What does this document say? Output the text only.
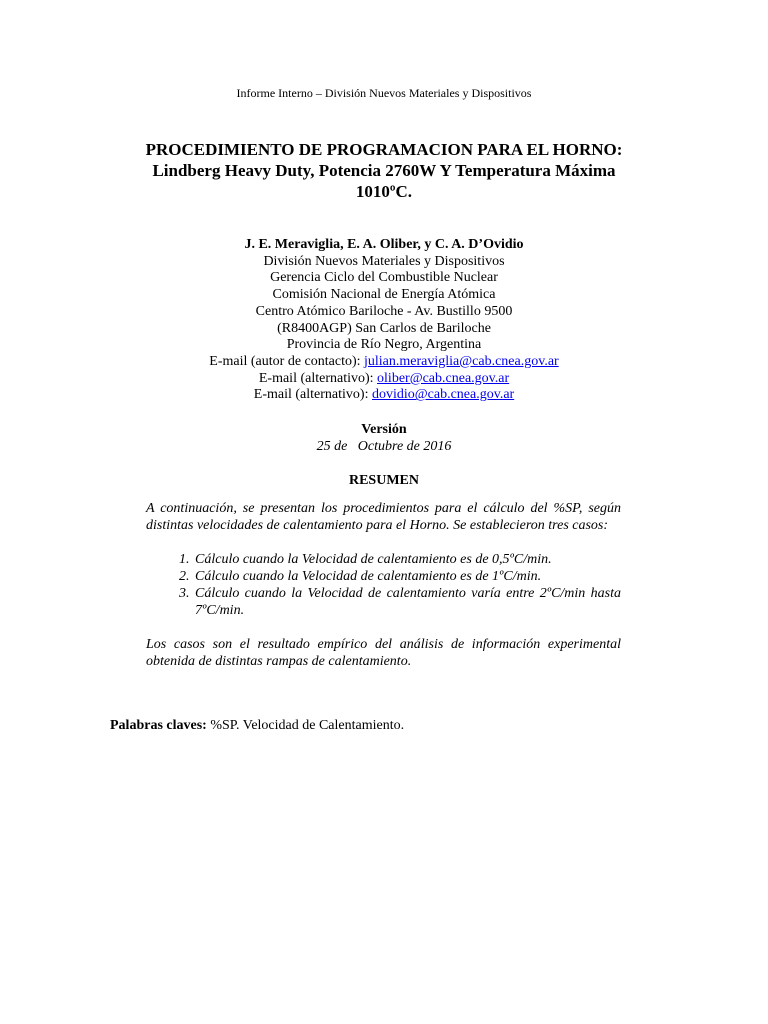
Informe Interno – División Nuevos Materiales y Dispositivos
PROCEDIMIENTO DE PROGRAMACION PARA EL HORNO:
Lindberg Heavy Duty, Potencia 2760W Y Temperatura Máxima
1010ºC.
J. E. Meraviglia, E. A. Oliber, y C. A. D’Ovidio
División Nuevos Materiales y Dispositivos
Gerencia Ciclo del Combustible Nuclear
Comisión Nacional de Energía Atómica
Centro Atómico Bariloche - Av. Bustillo 9500
(R8400AGP) San Carlos de Bariloche
Provincia de Río Negro, Argentina
E-mail (autor de contacto): julian.meraviglia@cab.cnea.gov.ar
E-mail (alternativo): oliber@cab.cnea.gov.ar
E-mail (alternativo): dovidio@cab.cnea.gov.ar
Versión
25 de   Octubre de 2016
RESUMEN

A continuación, se presentan los procedimientos para el cálculo del %SP, según distintas velocidades de calentamiento para el Horno. Se establecieron tres casos:

1. Cálculo cuando la Velocidad de calentamiento es de 0,5ºC/min.
2. Cálculo cuando la Velocidad de calentamiento es de 1ºC/min.
3. Cálculo cuando la Velocidad de calentamiento varía entre 2ºC/min hasta 7ºC/min.

Los casos son el resultado empírico del análisis de información experimental obtenida de distintas rampas de calentamiento.

Palabras claves: %SP. Velocidad de Calentamiento.
